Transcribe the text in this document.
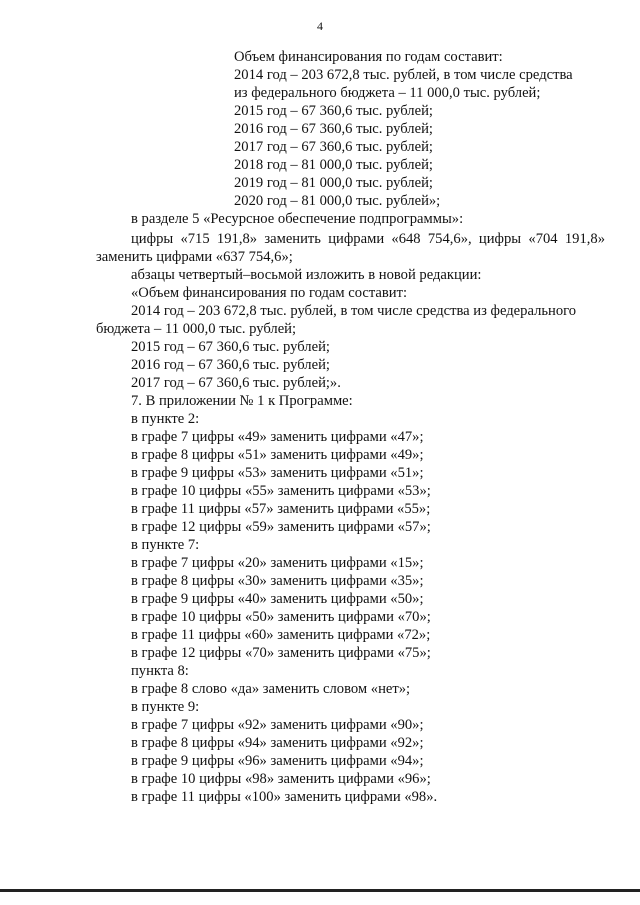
4
Объем финансирования по годам составит:
2014 год – 203 672,8 тыс. рублей, в том числе средства
из федерального бюджета – 11 000,0 тыс. рублей;
2015 год – 67 360,6 тыс. рублей;
2016 год – 67 360,6 тыс. рублей;
2017 год – 67 360,6 тыс. рублей;
2018 год – 81 000,0 тыс. рублей;
2019 год – 81 000,0 тыс. рублей;
2020 год – 81 000,0 тыс. рублей»;
в разделе 5 «Ресурсное обеспечение подпрограммы»:
цифры «715 191,8» заменить цифрами «648 754,6», цифры «704 191,8»
заменить цифрами «637 754,6»;
абзацы четвертый–восьмой изложить в новой редакции:
«Объем финансирования по годам составит:
2014 год – 203 672,8 тыс. рублей, в том числе средства из федерального
бюджета – 11 000,0 тыс. рублей;
2015 год – 67 360,6 тыс. рублей;
2016 год – 67 360,6 тыс. рублей;
2017 год – 67 360,6 тыс. рублей;».
7. В приложении № 1 к Программе:
в пункте 2:
в графе 7 цифры «49» заменить цифрами «47»;
в графе 8 цифры «51» заменить цифрами «49»;
в графе 9 цифры «53» заменить цифрами «51»;
в графе 10 цифры «55» заменить цифрами «53»;
в графе 11 цифры «57» заменить цифрами «55»;
в графе 12 цифры «59» заменить цифрами «57»;
в пункте 7:
в графе 7 цифры «20» заменить цифрами «15»;
в графе 8 цифры «30» заменить цифрами «35»;
в графе 9 цифры «40» заменить цифрами «50»;
в графе 10 цифры «50» заменить цифрами «70»;
в графе 11 цифры «60» заменить цифрами «72»;
в графе 12 цифры «70» заменить цифрами «75»;
пункта 8:
в графе 8 слово «да» заменить словом «нет»;
в пункте 9:
в графе 7 цифры «92» заменить цифрами «90»;
в графе 8 цифры «94» заменить цифрами «92»;
в графе 9 цифры «96» заменить цифрами «94»;
в графе 10 цифры «98» заменить цифрами «96»;
в графе 11 цифры «100» заменить цифрами «98».
